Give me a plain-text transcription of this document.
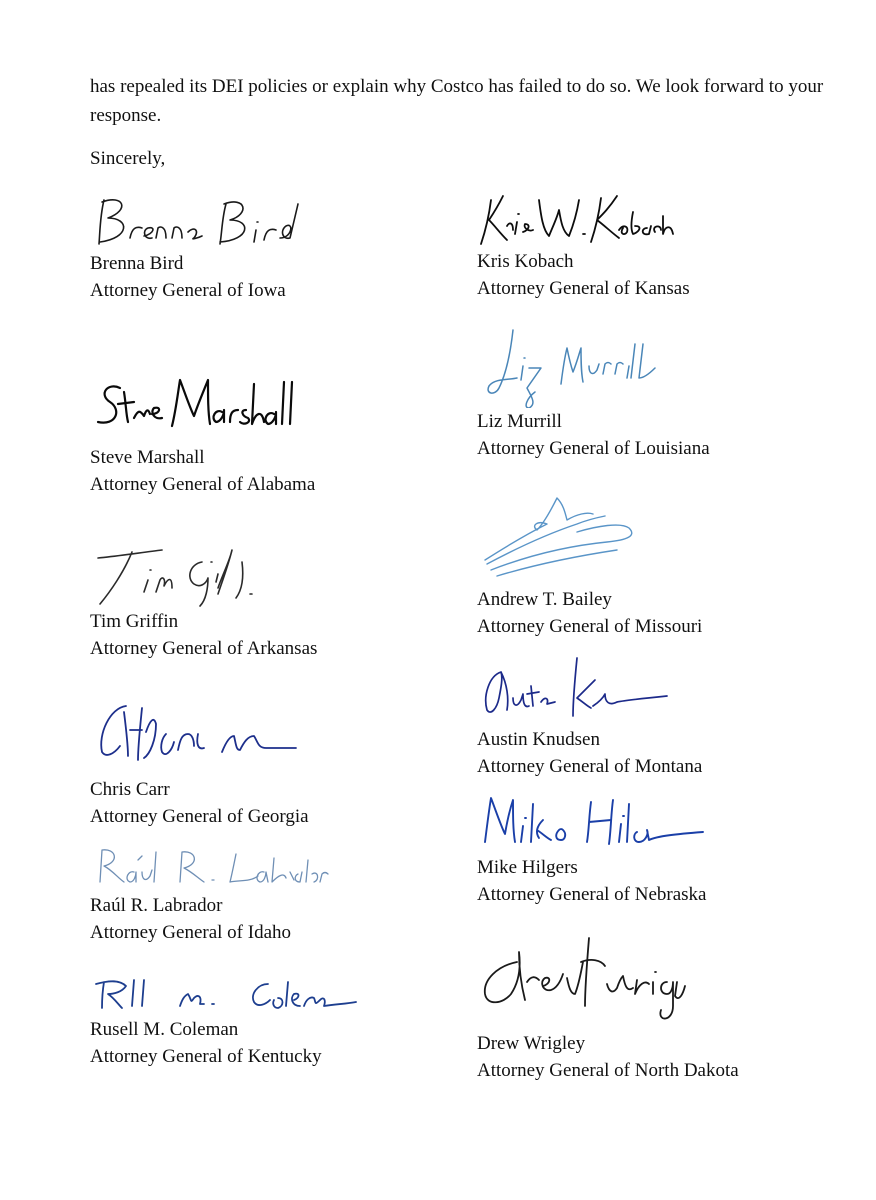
has repealed its DEI policies or explain why Costco has failed to do so. We look forward to your response.

Sincerely,

Brenna Bird
Attorney General of Iowa
Kris Kobach
Attorney General of Kansas
Steve Marshall
Attorney General of Alabama
Liz Murrill
Attorney General of Louisiana
Andrew T. Bailey
Attorney General of Missouri
Tim Griffin
Attorney General of Arkansas
Austin Knudsen
Attorney General of Montana
Chris Carr
Attorney General of Georgia
Mike Hilgers
Attorney General of Nebraska
Raúl R. Labrador
Attorney General of Idaho
Drew Wrigley
Attorney General of North Dakota
Rusell M. Coleman
Attorney General of Kentucky
